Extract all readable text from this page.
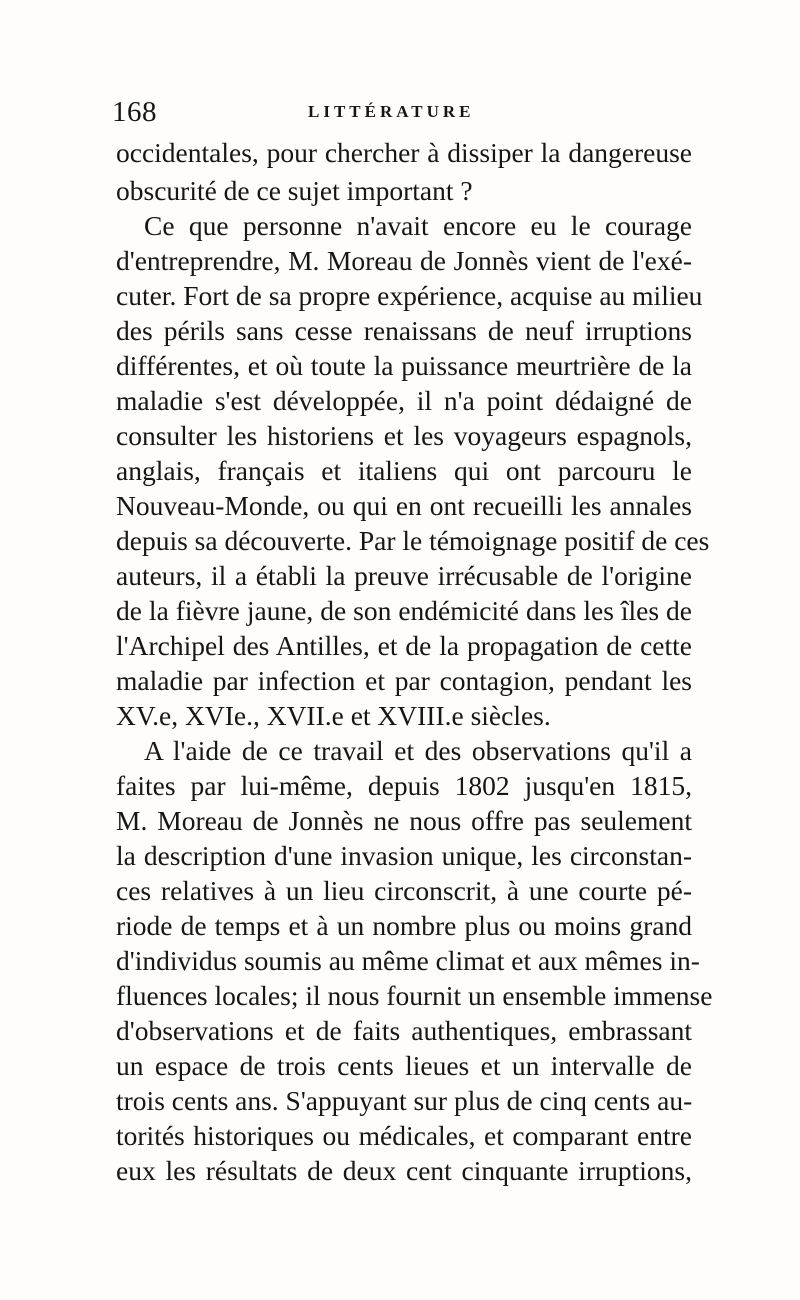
168	LITTÉRATURE
occidentales, pour chercher à dissiper la dangereuse
obscurité de ce sujet important ?
Ce que personne n'avait encore eu le courage
d'entreprendre, M. Moreau de Jonnès vient de l'exé-
cuter. Fort de sa propre expérience, acquise au milieu
des périls sans cesse renaissans de neuf irruptions
différentes, et où toute la puissance meurtrière de la
maladie s'est développée, il n'a point dédaigné de
consulter les historiens et les voyageurs espagnols,
anglais, français et italiens qui ont parcouru le
Nouveau-Monde, ou qui en ont recueilli les annales
depuis sa découverte. Par le témoignage positif de ces
auteurs, il a établi la preuve irrécusable de l'origine
de la fièvre jaune, de son endémicité dans les îles de
l'Archipel des Antilles, et de la propagation de cette
maladie par infection et par contagion, pendant les
XV.e, XVIe., XVII.e et XVIII.e siècles.
A l'aide de ce travail et des observations qu'il a
faites par lui-même, depuis 1802 jusqu'en 1815,
M. Moreau de Jonnès ne nous offre pas seulement
la description d'une invasion unique, les circonstan-
ces relatives à un lieu circonscrit, à une courte pé-
riode de temps et à un nombre plus ou moins grand
d'individus soumis au même climat et aux mêmes in-
fluences locales; il nous fournit un ensemble immense
d'observations et de faits authentiques, embrassant
un espace de trois cents lieues et un intervalle de
trois cents ans. S'appuyant sur plus de cinq cents au-
torités historiques ou médicales, et comparant entre
eux les résultats de deux cent cinquante irruptions,
